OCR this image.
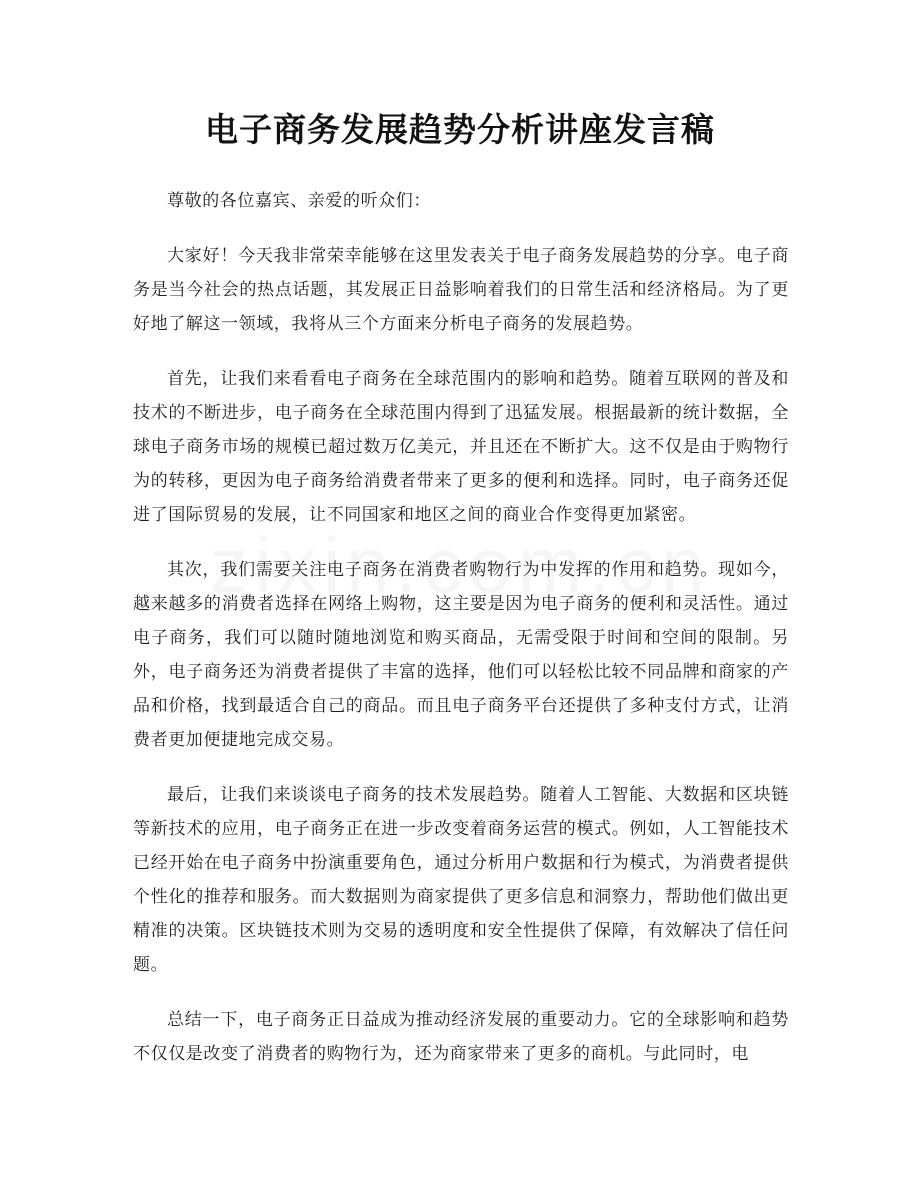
电子商务发展趋势分析讲座发言稿

尊敬的各位嘉宾、亲爱的听众们：

大家好！今天我非常荣幸能够在这里发表关于电子商务发展趋势的分享。电子商务是当今社会的热点话题，其发展正日益影响着我们的日常生活和经济格局。为了更好地了解这一领域，我将从三个方面来分析电子商务的发展趋势。

首先，让我们来看看电子商务在全球范围内的影响和趋势。随着互联网的普及和技术的不断进步，电子商务在全球范围内得到了迅猛发展。根据最新的统计数据，全球电子商务市场的规模已超过数万亿美元，并且还在不断扩大。这不仅是由于购物行为的转移，更因为电子商务给消费者带来了更多的便利和选择。同时，电子商务还促进了国际贸易的发展，让不同国家和地区之间的商业合作变得更加紧密。

其次，我们需要关注电子商务在消费者购物行为中发挥的作用和趋势。现如今，越来越多的消费者选择在网络上购物，这主要是因为电子商务的便利和灵活性。通过电子商务，我们可以随时随地浏览和购买商品，无需受限于时间和空间的限制。另外，电子商务还为消费者提供了丰富的选择，他们可以轻松比较不同品牌和商家的产品和价格，找到最适合自己的商品。而且电子商务平台还提供了多种支付方式，让消费者更加便捷地完成交易。

最后，让我们来谈谈电子商务的技术发展趋势。随着人工智能、大数据和区块链等新技术的应用，电子商务正在进一步改变着商务运营的模式。例如，人工智能技术已经开始在电子商务中扮演重要角色，通过分析用户数据和行为模式，为消费者提供个性化的推荐和服务。而大数据则为商家提供了更多信息和洞察力，帮助他们做出更精准的决策。区块链技术则为交易的透明度和安全性提供了保障，有效解决了信任问题。

总结一下，电子商务正日益成为推动经济发展的重要动力。它的全球影响和趋势不仅仅是改变了消费者的购物行为，还为商家带来了更多的商机。与此同时，电
